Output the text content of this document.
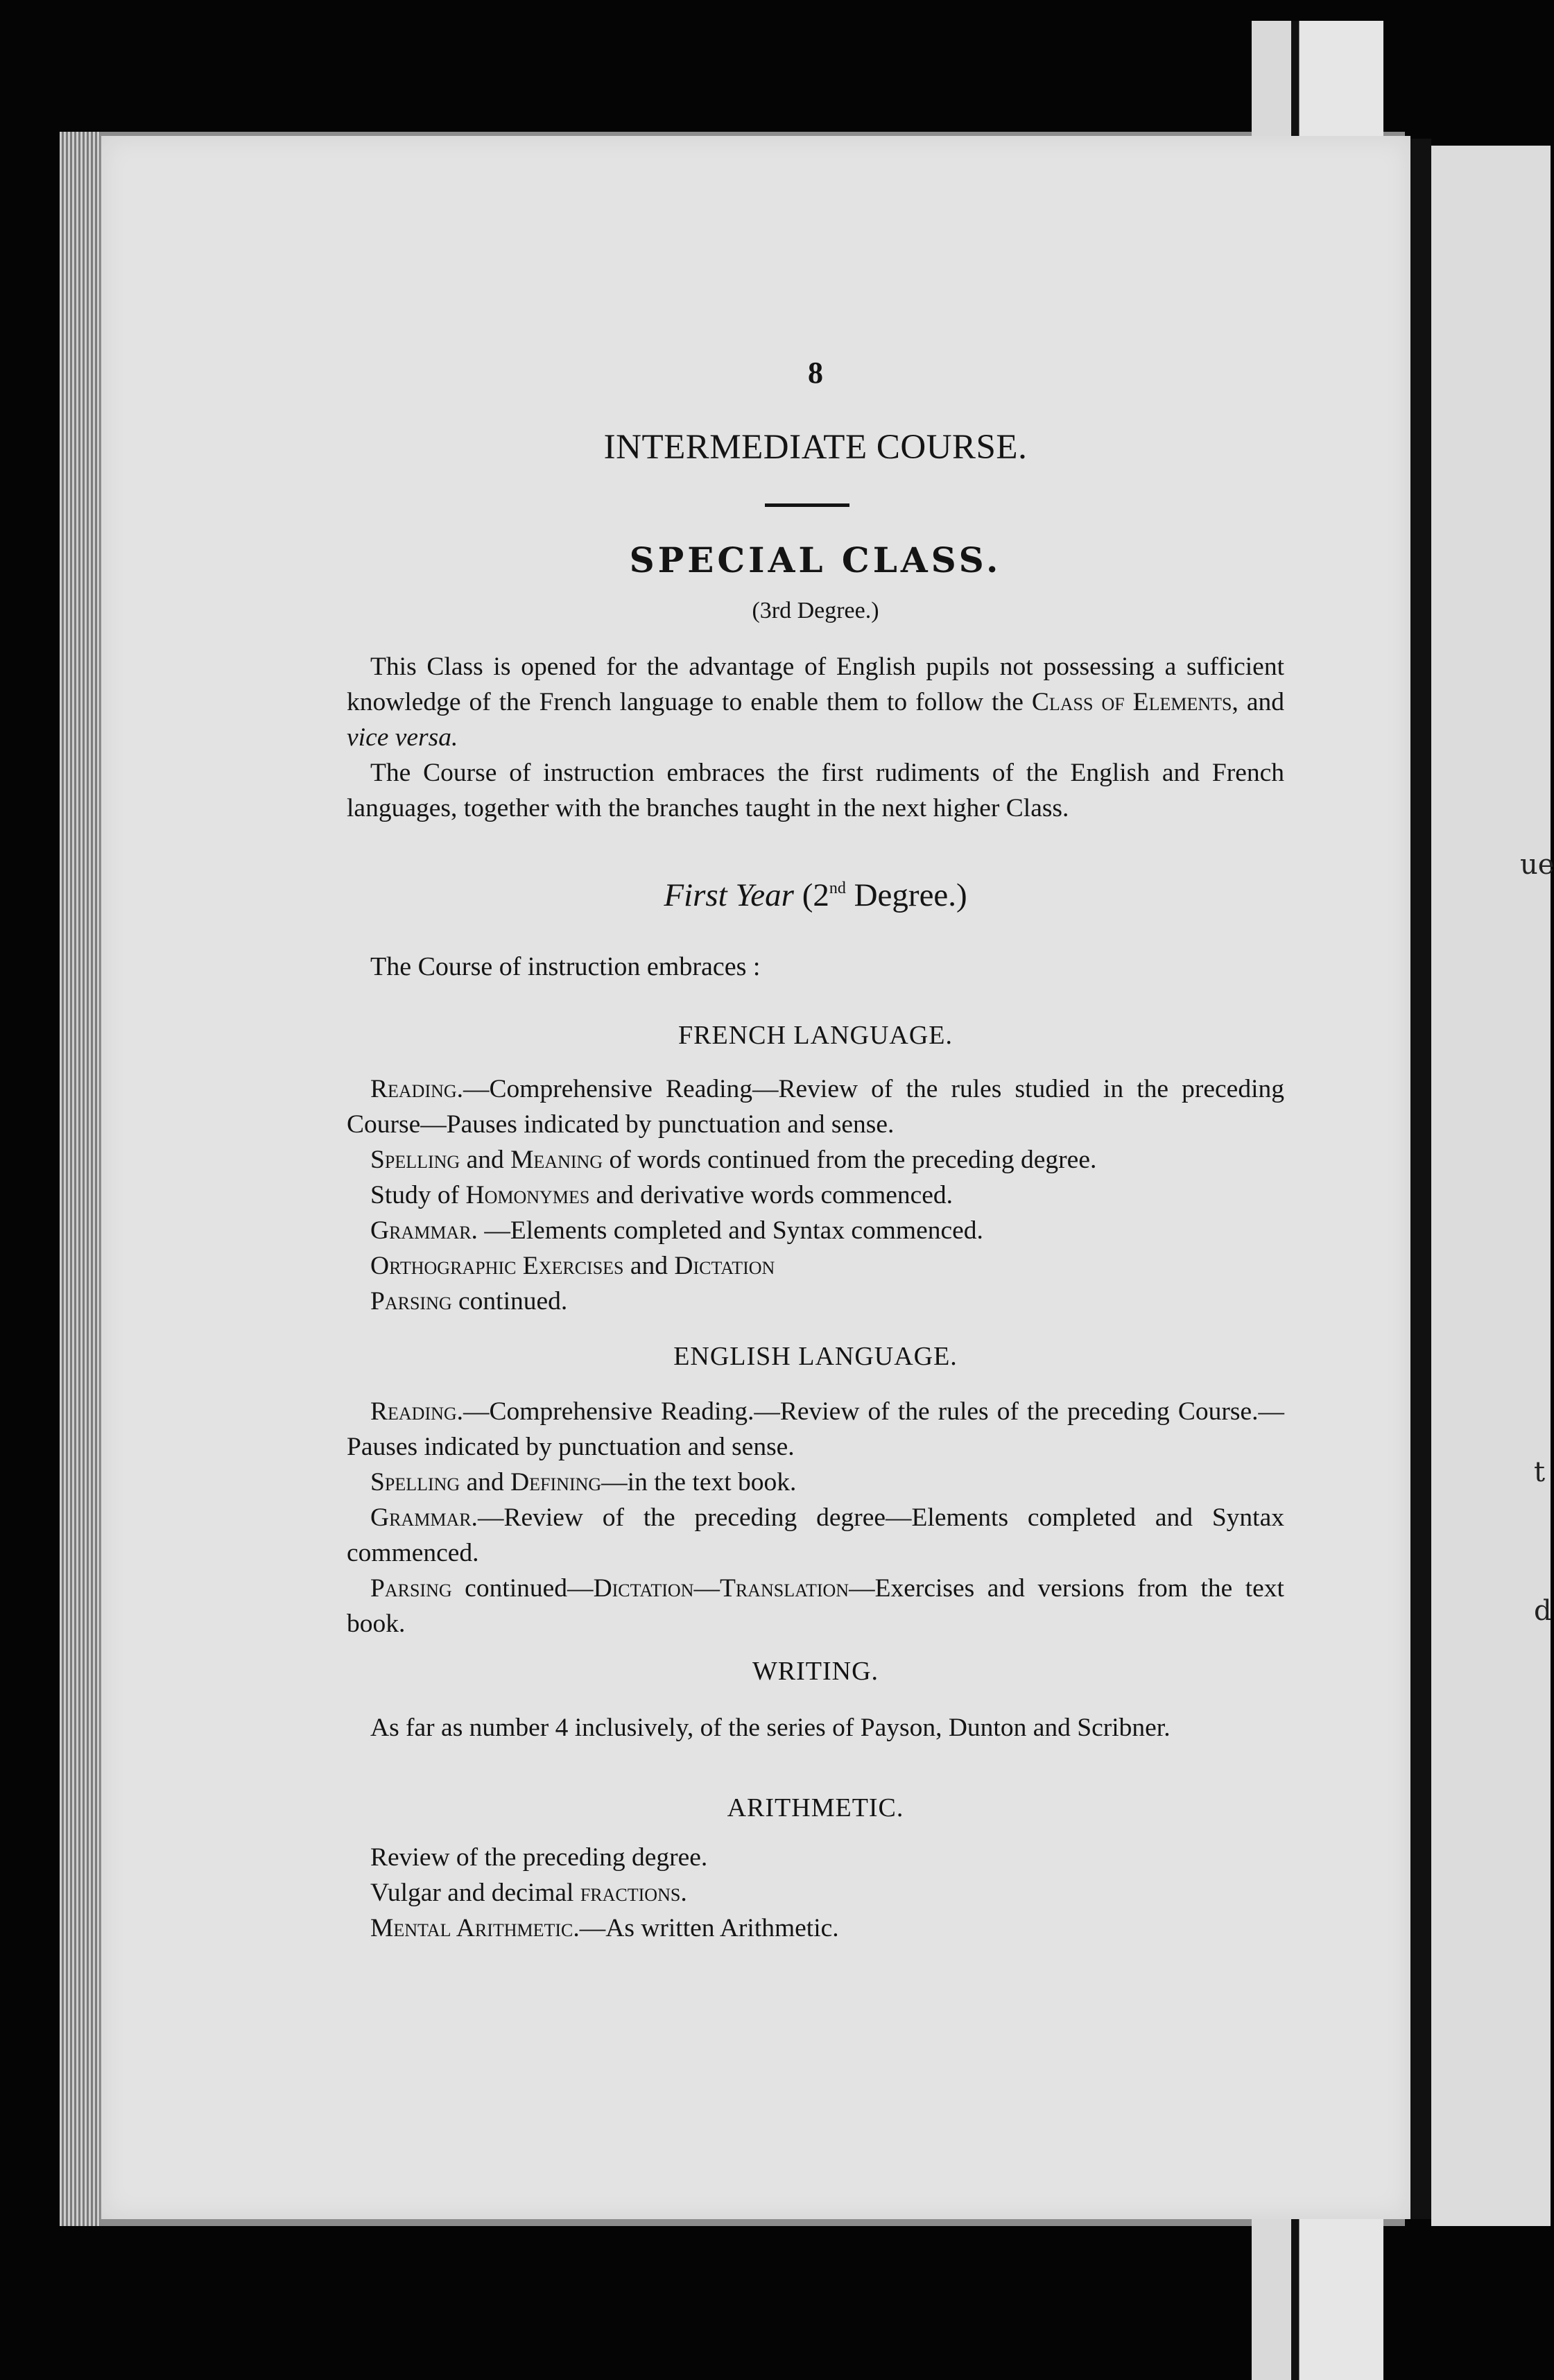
ue
t
d
8
INTERMEDIATE COURSE.
SPECIAL CLASS.
(3rd Degree.)

This Class is opened for the advantage of English pupils not possessing a sufficient knowledge of the French language to enable them to follow the Class of Elements, and vice versa.

The Course of instruction embraces the first rudiments of the English and French languages, together with the branches taught in the next higher Class.

First Year (2nd Degree.)
The Course of instruction embraces :
FRENCH LANGUAGE.

Reading.—Comprehensive Reading—Review of the rules studied in the preceding Course—Pauses indicated by punctuation and sense.

Spelling and Meaning of words continued from the preceding degree.

Study of Homonymes and derivative words commenced.

Grammar. —Elements completed and Syntax commenced.

Orthographic Exercises and Dictation

Parsing continued.

ENGLISH LANGUAGE.

Reading.—Comprehensive Reading.—Review of the rules of the preceding Course.—Pauses indicated by punctuation and sense.

Spelling and Defining—in the text book.

Grammar.—Review of the preceding degree—Elements completed and Syntax commenced.

Parsing continued—Dictation—Translation—Exercises and versions from the text book.

WRITING.

As far as number 4 inclusively, of the series of Payson, Dunton and Scribner.

ARITHMETIC.

Review of the preceding degree.

Vulgar and decimal fractions.

Mental Arithmetic.—As written Arithmetic.
